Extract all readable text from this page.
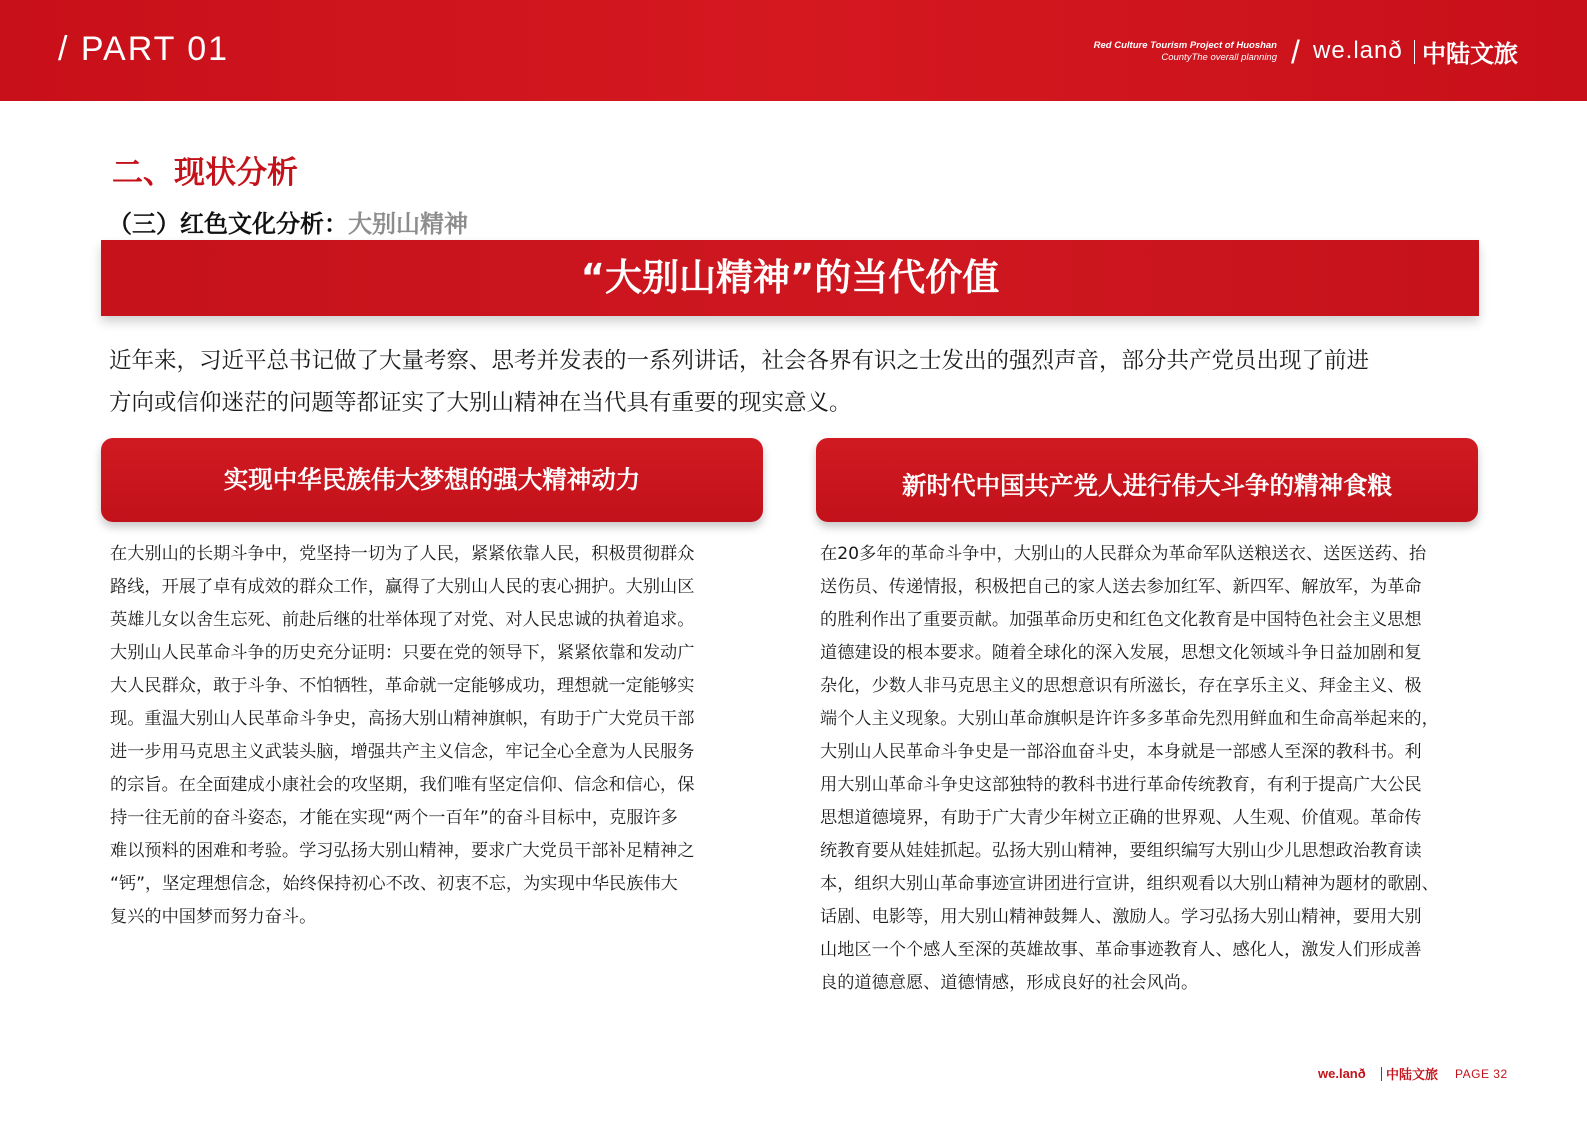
/ PART 01	Red Culture Tourism Project of Huoshan
CountyThe overall planning / we.lanð 中陆文旅
二、现状分析
（三）红色文化分析：大别山精神
“大别山精神”的当代价值

近年来，习近平总书记做了大量考察、思考并发表的一系列讲话，社会各界有识之士发出的强烈声音，部分共产党员出现了前进

方向或信仰迷茫的问题等都证实了大别山精神在当代具有重要的现实意义。

实现中华民族伟大梦想的强大精神动力	新时代中国共产党人进行伟大斗争的精神食粮

在大别山的长期斗争中，党坚持一切为了人民，紧紧依靠人民，积极贯彻群众

路线，开展了卓有成效的群众工作，赢得了大别山人民的衷心拥护。大别山区

英雄儿女以舍生忘死、前赴后继的壮举体现了对党、对人民忠诚的执着追求。

大别山人民革命斗争的历史充分证明：只要在党的领导下，紧紧依靠和发动广

大人民群众，敢于斗争、不怕牺牲，革命就一定能够成功，理想就一定能够实

现。重温大别山人民革命斗争史，高扬大别山精神旗帜，有助于广大党员干部

进一步用马克思主义武装头脑，增强共产主义信念，牢记全心全意为人民服务

的宗旨。在全面建成小康社会的攻坚期，我们唯有坚定信仰、信念和信心，保

持一往无前的奋斗姿态，才能在实现“两个一百年”的奋斗目标中，克服许多

难以预料的困难和考验。学习弘扬大别山精神，要求广大党员干部补足精神之

“钙”，坚定理想信念，始终保持初心不改、初衷不忘，为实现中华民族伟大

复兴的中国梦而努力奋斗。

在20多年的革命斗争中，大别山的人民群众为革命军队送粮送衣、送医送药、抬

送伤员、传递情报，积极把自己的家人送去参加红军、新四军、解放军，为革命

的胜利作出了重要贡献。加强革命历史和红色文化教育是中国特色社会主义思想

道德建设的根本要求。随着全球化的深入发展，思想文化领域斗争日益加剧和复

杂化，少数人非马克思主义的思想意识有所滋长，存在享乐主义、拜金主义、极

端个人主义现象。大别山革命旗帜是许许多多革命先烈用鲜血和生命高举起来的，

大别山人民革命斗争史是一部浴血奋斗史，本身就是一部感人至深的教科书。利

用大别山革命斗争史这部独特的教科书进行革命传统教育，有利于提高广大公民

思想道德境界，有助于广大青少年树立正确的世界观、人生观、价值观。革命传

统教育要从娃娃抓起。弘扬大别山精神，要组织编写大别山少儿思想政治教育读

本，组织大别山革命事迹宣讲团进行宣讲，组织观看以大别山精神为题材的歌剧、

话剧、电影等，用大别山精神鼓舞人、激励人。学习弘扬大别山精神，要用大别

山地区一个个感人至深的英雄故事、革命事迹教育人、感化人，激发人们形成善

良的道德意愿、道德情感，形成良好的社会风尚。

we.lanð 中陆文旅 PAGE 32
